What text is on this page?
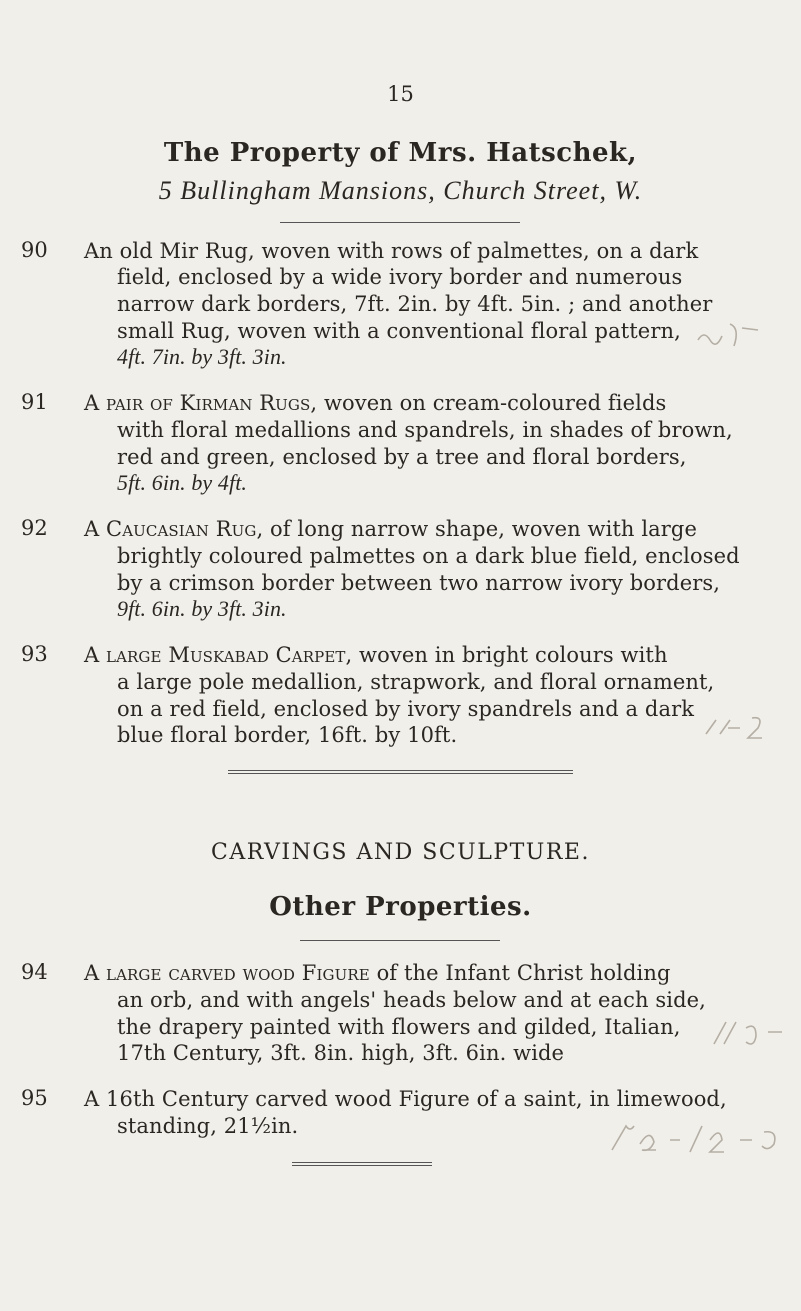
15
The Property of Mrs. Hatschek,
5 Bullingham Mansions, Church Street, W.
90	An old Mir Rug, woven with rows of palmettes, on a dark
field, enclosed by a wide ivory border and numerous
narrow dark borders, 7ft. 2in. by 4ft. 5in. ; and another
small Rug, woven with a conventional floral pattern,
4ft. 7in. by 3ft. 3in.
91	A pair of Kirman Rugs, woven on cream-coloured fields
with floral medallions and spandrels, in shades of brown,
red and green, enclosed by a tree and floral borders,
5ft. 6in. by 4ft.
92	A Caucasian Rug, of long narrow shape, woven with large
brightly coloured palmettes on a dark blue field, enclosed
by a crimson border between two narrow ivory borders,
9ft. 6in. by 3ft. 3in.
93	A large Muskabad Carpet, woven in bright colours with
a large pole medallion, strapwork, and floral ornament,
on a red field, enclosed by ivory spandrels and a dark
blue floral border, 16ft. by 10ft.
CARVINGS AND SCULPTURE.
Other Properties.
94	A large carved wood Figure of the Infant Christ holding
an orb, and with angels' heads below and at each side,
the drapery painted with flowers and gilded, Italian,
17th Century, 3ft. 8in. high, 3ft. 6in. wide
95	A 16th Century carved wood Figure of a saint, in limewood,
standing, 21½in.
